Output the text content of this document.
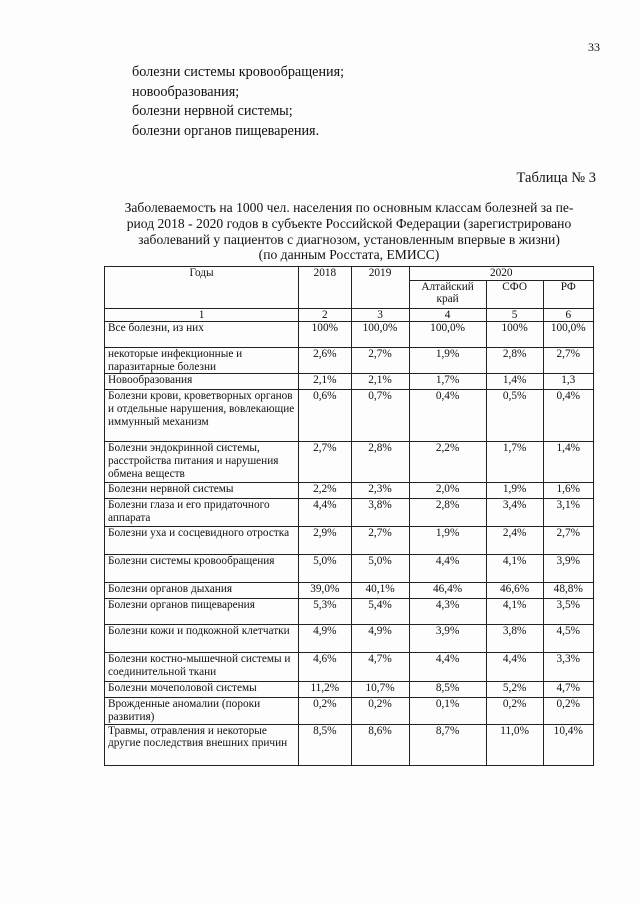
33
болезни системы кровообращения;
новообразования;
болезни нервной системы;
болезни органов пищеварения.
Таблица № 3
Заболеваемость на 1000 чел. населения по основным классам болезней за пе-
риод 2018 - 2020 годов в субъекте Российской Федерации (зарегистрировано
заболеваний у пациентов с диагнозом, установленным впервые в жизни)
(по данным Росстата, ЕМИСС)
Годы	2018	2019	2020		
			Алтайский край	СФО	РФ
1	2	3	4	5	6
Все болезни, из них	100%	100,0%	100,0%	100%	100,0%
некоторые инфекционные и паразитарные болезни	2,6%	2,7%	1,9%	2,8%	2,7%
Новообразования	2,1%	2,1%	1,7%	1,4%	1,3
Болезни крови, кроветворных органов и отдельные нарушения, вовлекающие иммунный механизм	0,6%	0,7%	0,4%	0,5%	0,4%
Болезни эндокринной системы, расстройства питания и нарушения обмена веществ	2,7%	2,8%	2,2%	1,7%	1,4%
Болезни нервной системы	2,2%	2,3%	2,0%	1,9%	1,6%
Болезни глаза и его придаточного аппарата	4,4%	3,8%	2,8%	3,4%	3,1%
Болезни уха и сосцевидного отростка	2,9%	2,7%	1,9%	2,4%	2,7%
Болезни системы кровообращения	5,0%	5,0%	4,4%	4,1%	3,9%
Болезни органов дыхания	39,0%	40,1%	46,4%	46,6%	48,8%
Болезни органов пищеварения	5,3%	5,4%	4,3%	4,1%	3,5%
Болезни кожи и подкожной клетчатки	4,9%	4,9%	3,9%	3,8%	4,5%
Болезни костно-мышечной системы и соединительной ткани	4,6%	4,7%	4,4%	4,4%	3,3%
Болезни мочеполовой системы	11,2%	10,7%	8,5%	5,2%	4,7%
Врожденные аномалии (пороки развития)	0,2%	0,2%	0,1%	0,2%	0,2%
Травмы, отравления и некоторые другие последствия внешних причин	8,5%	8,6%	8,7%	11,0%	10,4%
